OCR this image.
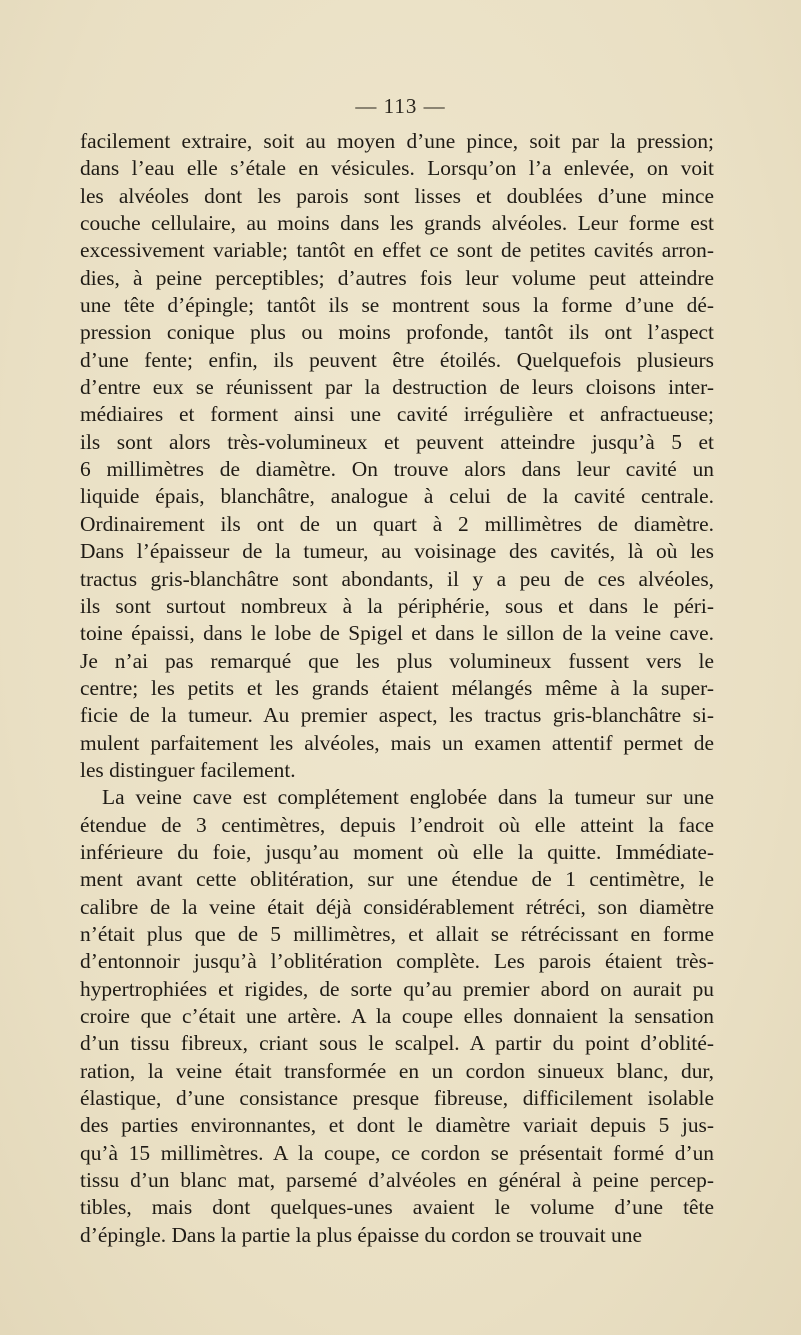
— 113 —

facilement extraire, soit au moyen d’une pince, soit par la pression;
dans l’eau elle s’étale en vésicules. Lorsqu’on l’a enlevée, on voit
les alvéoles dont les parois sont lisses et doublées d’une mince
couche cellulaire, au moins dans les grands alvéoles. Leur forme est
excessivement variable; tantôt en effet ce sont de petites cavités arron-
dies, à peine perceptibles; d’autres fois leur volume peut atteindre
une tête d’épingle; tantôt ils se montrent sous la forme d’une dé-
pression conique plus ou moins profonde, tantôt ils ont l’aspect
d’une fente; enfin, ils peuvent être étoilés. Quelquefois plusieurs
d’entre eux se réunissent par la destruction de leurs cloisons inter-
médiaires et forment ainsi une cavité irrégulière et anfractueuse;
ils sont alors très-volumineux et peuvent atteindre jusqu’à 5 et
6 millimètres de diamètre. On trouve alors dans leur cavité un
liquide épais, blanchâtre, analogue à celui de la cavité centrale.
Ordinairement ils ont de un quart à 2 millimètres de diamètre.
Dans l’épaisseur de la tumeur, au voisinage des cavités, là où les
tractus gris-blanchâtre sont abondants, il y a peu de ces alvéoles,
ils sont surtout nombreux à la périphérie, sous et dans le péri-
toine épaissi, dans le lobe de Spigel et dans le sillon de la veine cave.
Je n’ai pas remarqué que les plus volumineux fussent vers le
centre; les petits et les grands étaient mélangés même à la super-
ficie de la tumeur. Au premier aspect, les tractus gris-blanchâtre si-
mulent parfaitement les alvéoles, mais un examen attentif permet de
les distinguer facilement.

La veine cave est complétement englobée dans la tumeur sur une
étendue de 3 centimètres, depuis l’endroit où elle atteint la face
inférieure du foie, jusqu’au moment où elle la quitte. Immédiate-
ment avant cette oblitération, sur une étendue de 1 centimètre, le
calibre de la veine était déjà considérablement rétréci, son diamètre
n’était plus que de 5 millimètres, et allait se rétrécissant en forme
d’entonnoir jusqu’à l’oblitération complète. Les parois étaient très-
hypertrophiées et rigides, de sorte qu’au premier abord on aurait pu
croire que c’était une artère. A la coupe elles donnaient la sensation
d’un tissu fibreux, criant sous le scalpel. A partir du point d’oblité-
ration, la veine était transformée en un cordon sinueux blanc, dur,
élastique, d’une consistance presque fibreuse, difficilement isolable
des parties environnantes, et dont le diamètre variait depuis 5 jus-
qu’à 15 millimètres. A la coupe, ce cordon se présentait formé d’un
tissu d’un blanc mat, parsemé d’alvéoles en général à peine percep-
tibles, mais dont quelques-unes avaient le volume d’une tête
d’épingle. Dans la partie la plus épaisse du cordon se trouvait une
